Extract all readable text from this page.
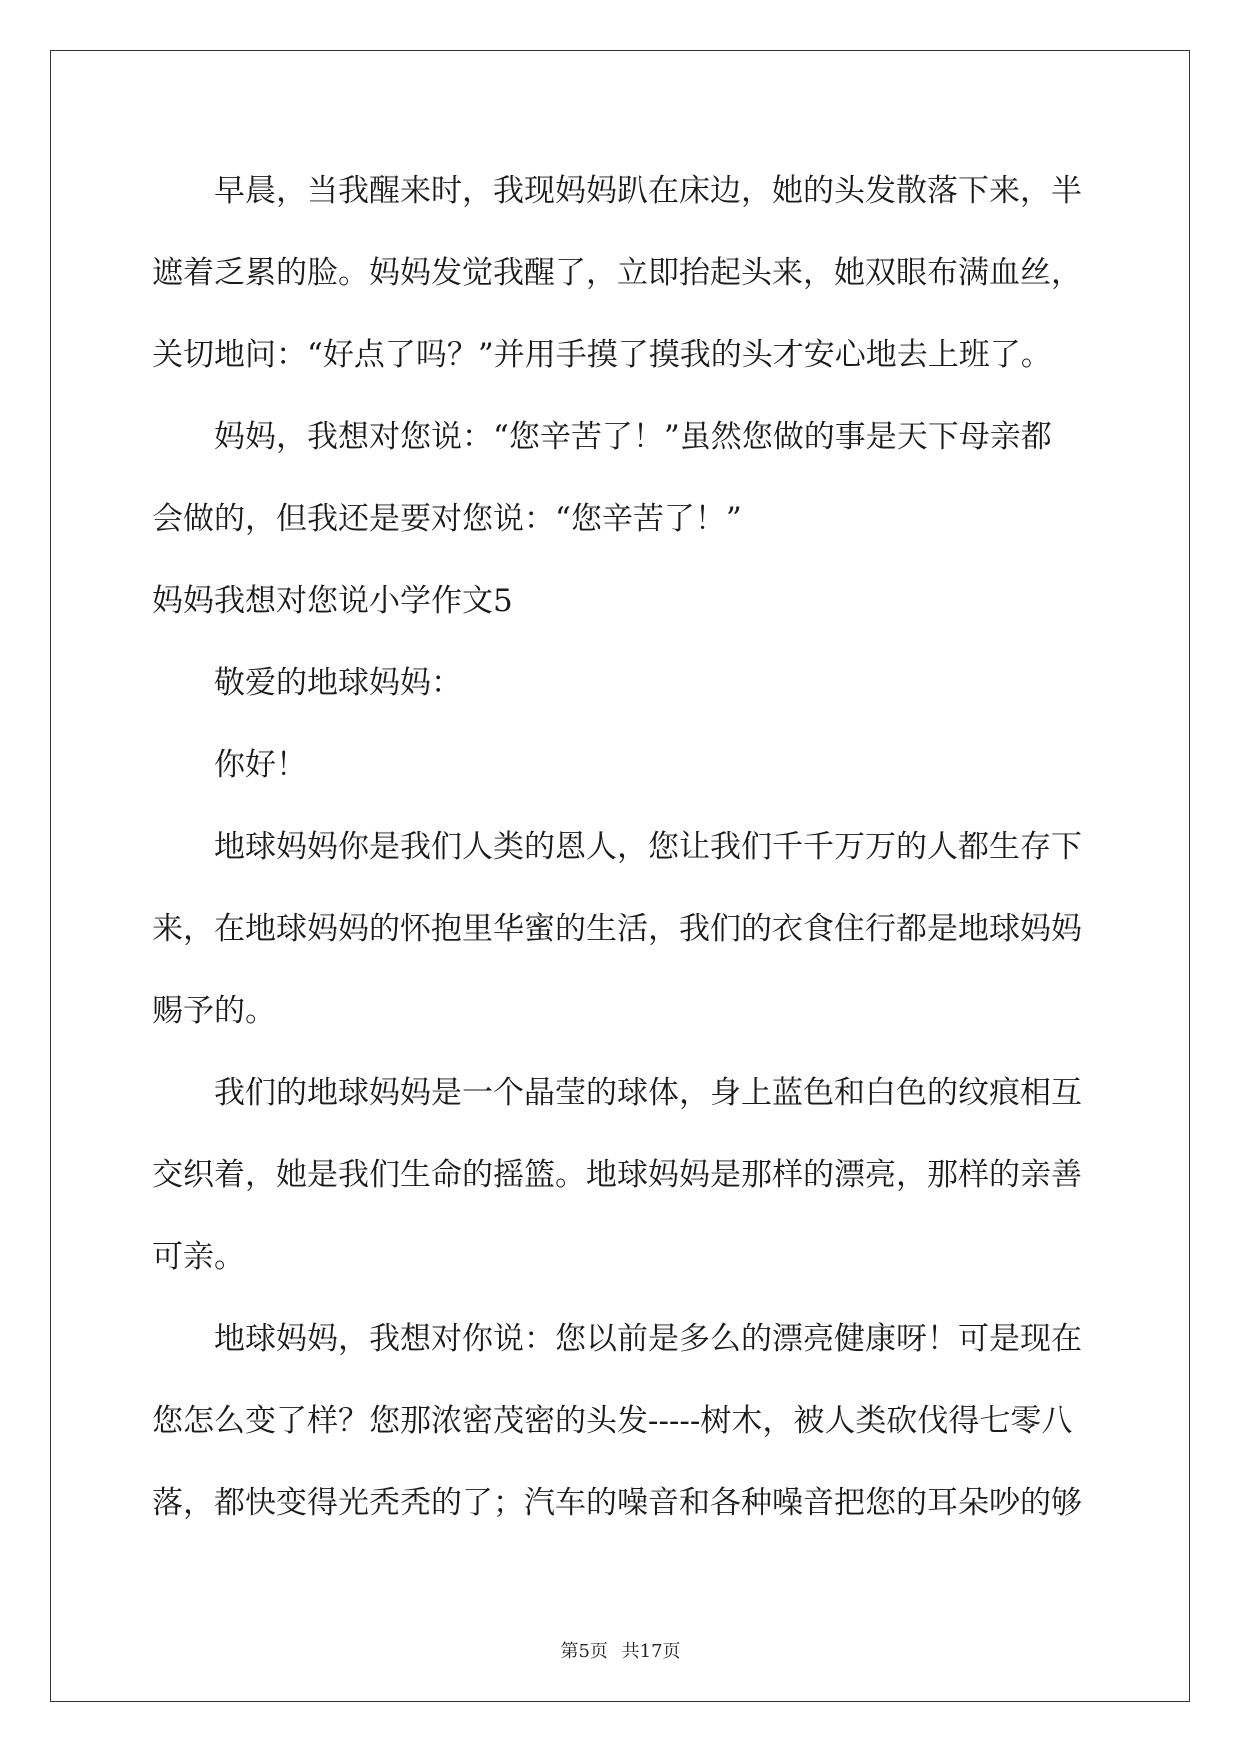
早晨，当我醒来时，我现妈妈趴在床边，她的头发散落下来，半
遮着乏累的脸。妈妈发觉我醒了，立即抬起头来，她双眼布满血丝，
关切地问：“好点了吗？”并用手摸了摸我的头才安心地去上班了。
妈妈，我想对您说：“您辛苦了！”虽然您做的事是天下母亲都
会做的，但我还是要对您说：“您辛苦了！”
妈妈我想对您说小学作文5
敬爱的地球妈妈：
你好！
地球妈妈你是我们人类的恩人，您让我们千千万万的人都生存下
来，在地球妈妈的怀抱里华蜜的生活，我们的衣食住行都是地球妈妈
赐予的。
我们的地球妈妈是一个晶莹的球体，身上蓝色和白色的纹痕相互
交织着，她是我们生命的摇篮。地球妈妈是那样的漂亮，那样的亲善
可亲。
地球妈妈，我想对你说：您以前是多么的漂亮健康呀！可是现在
您怎么变了样？您那浓密茂密的头发-----树木，被人类砍伐得七零八
落，都快变得光秃秃的了；汽车的噪音和各种噪音把您的耳朵吵的够
第5页 共17页
